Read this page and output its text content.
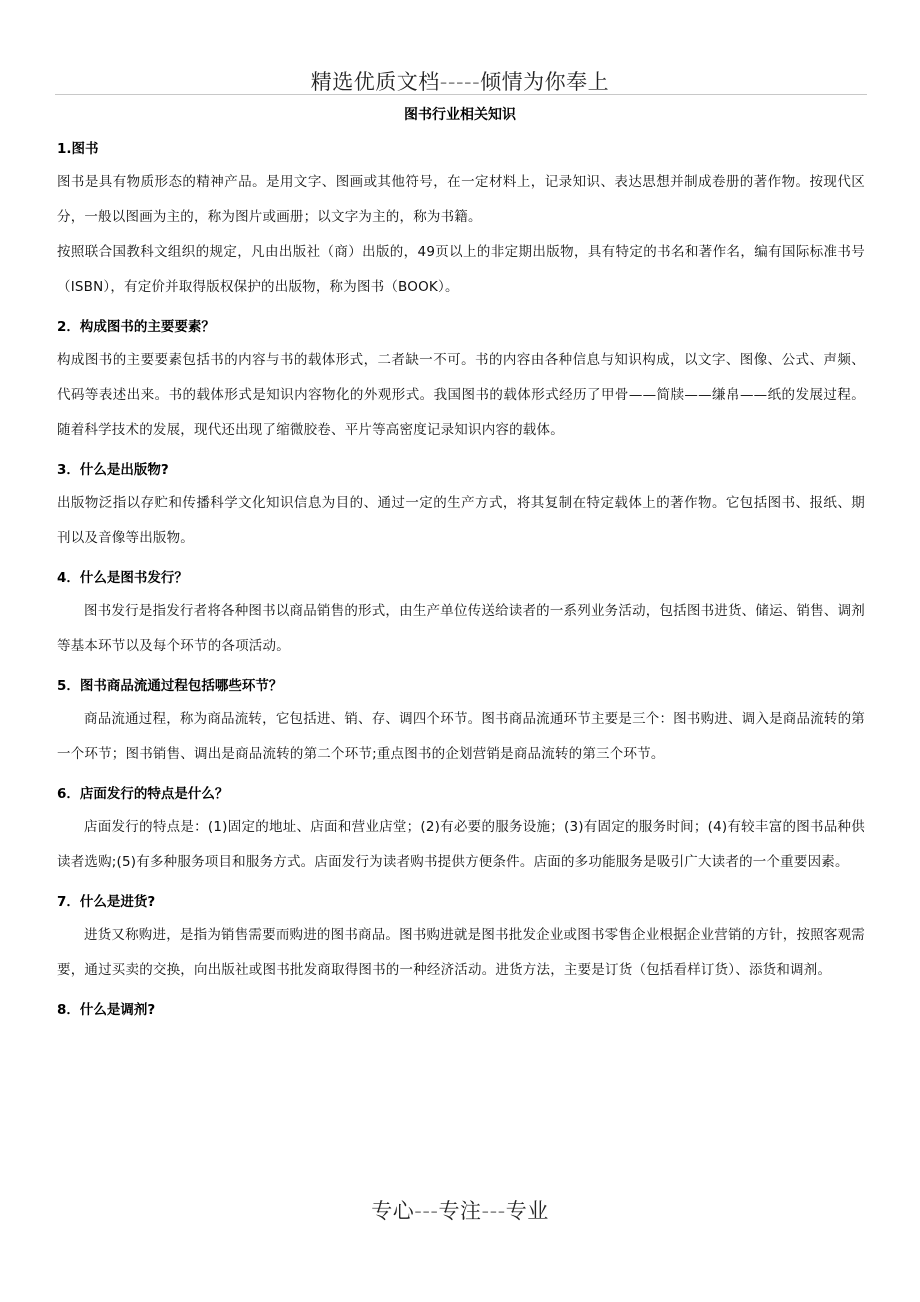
精选优质文档-----倾情为你奉上
图书行业相关知识
1.图书

图书是具有物质形态的精神产品。是用文字、图画或其他符号，在一定材料上，记录知识、表达思想并制成卷册的著作物。按现代区分，一般以图画为主的，称为图片或画册；以文字为主的，称为书籍。

按照联合国教科文组织的规定，凡由出版社（商）出版的，49页以上的非定期出版物，具有特定的书名和著作名，编有国际标准书号（ISBN），有定价并取得版权保护的出版物，称为图书（BOOK）。

2．构成图书的主要要素？

构成图书的主要要素包括书的内容与书的载体形式，二者缺一不可。书的内容由各种信息与知识构成，以文字、图像、公式、声频、代码等表述出来。书的载体形式是知识内容物化的外观形式。我国图书的载体形式经历了甲骨——简牍——缣帛——纸的发展过程。随着科学技术的发展，现代还出现了缩微胶卷、平片等高密度记录知识内容的载体。

3．什么是出版物?

出版物泛指以存贮和传播科学文化知识信息为目的、通过一定的生产方式，将其复制在特定载体上的著作物。它包括图书、报纸、期刊以及音像等出版物。

4．什么是图书发行？

图书发行是指发行者将各种图书以商品销售的形式，由生产单位传送给读者的一系列业务活动，包括图书进货、储运、销售、调剂等基本环节以及每个环节的各项活动。

5．图书商品流通过程包括哪些环节？

商品流通过程，称为商品流转，它包括进、销、存、调四个环节。图书商品流通环节主要是三个：图书购进、调入是商品流转的第一个环节；图书销售、调出是商品流转的第二个环节;重点图书的企划营销是商品流转的第三个环节。

6．店面发行的特点是什么？

店面发行的特点是：(1)固定的地址、店面和营业店堂；(2)有必要的服务设施；(3)有固定的服务时间；(4)有较丰富的图书品种供读者选购;(5)有多种服务项目和服务方式。店面发行为读者购书提供方便条件。店面的多功能服务是吸引广大读者的一个重要因素。

7．什么是进货?

进货又称购进，是指为销售需要而购进的图书商品。图书购进就是图书批发企业或图书零售企业根据企业营销的方针，按照客观需要，通过买卖的交换，向出版社或图书批发商取得图书的一种经济活动。进货方法，主要是订货（包括看样订货）、添货和调剂。

8．什么是调剂?
专心---专注---专业
